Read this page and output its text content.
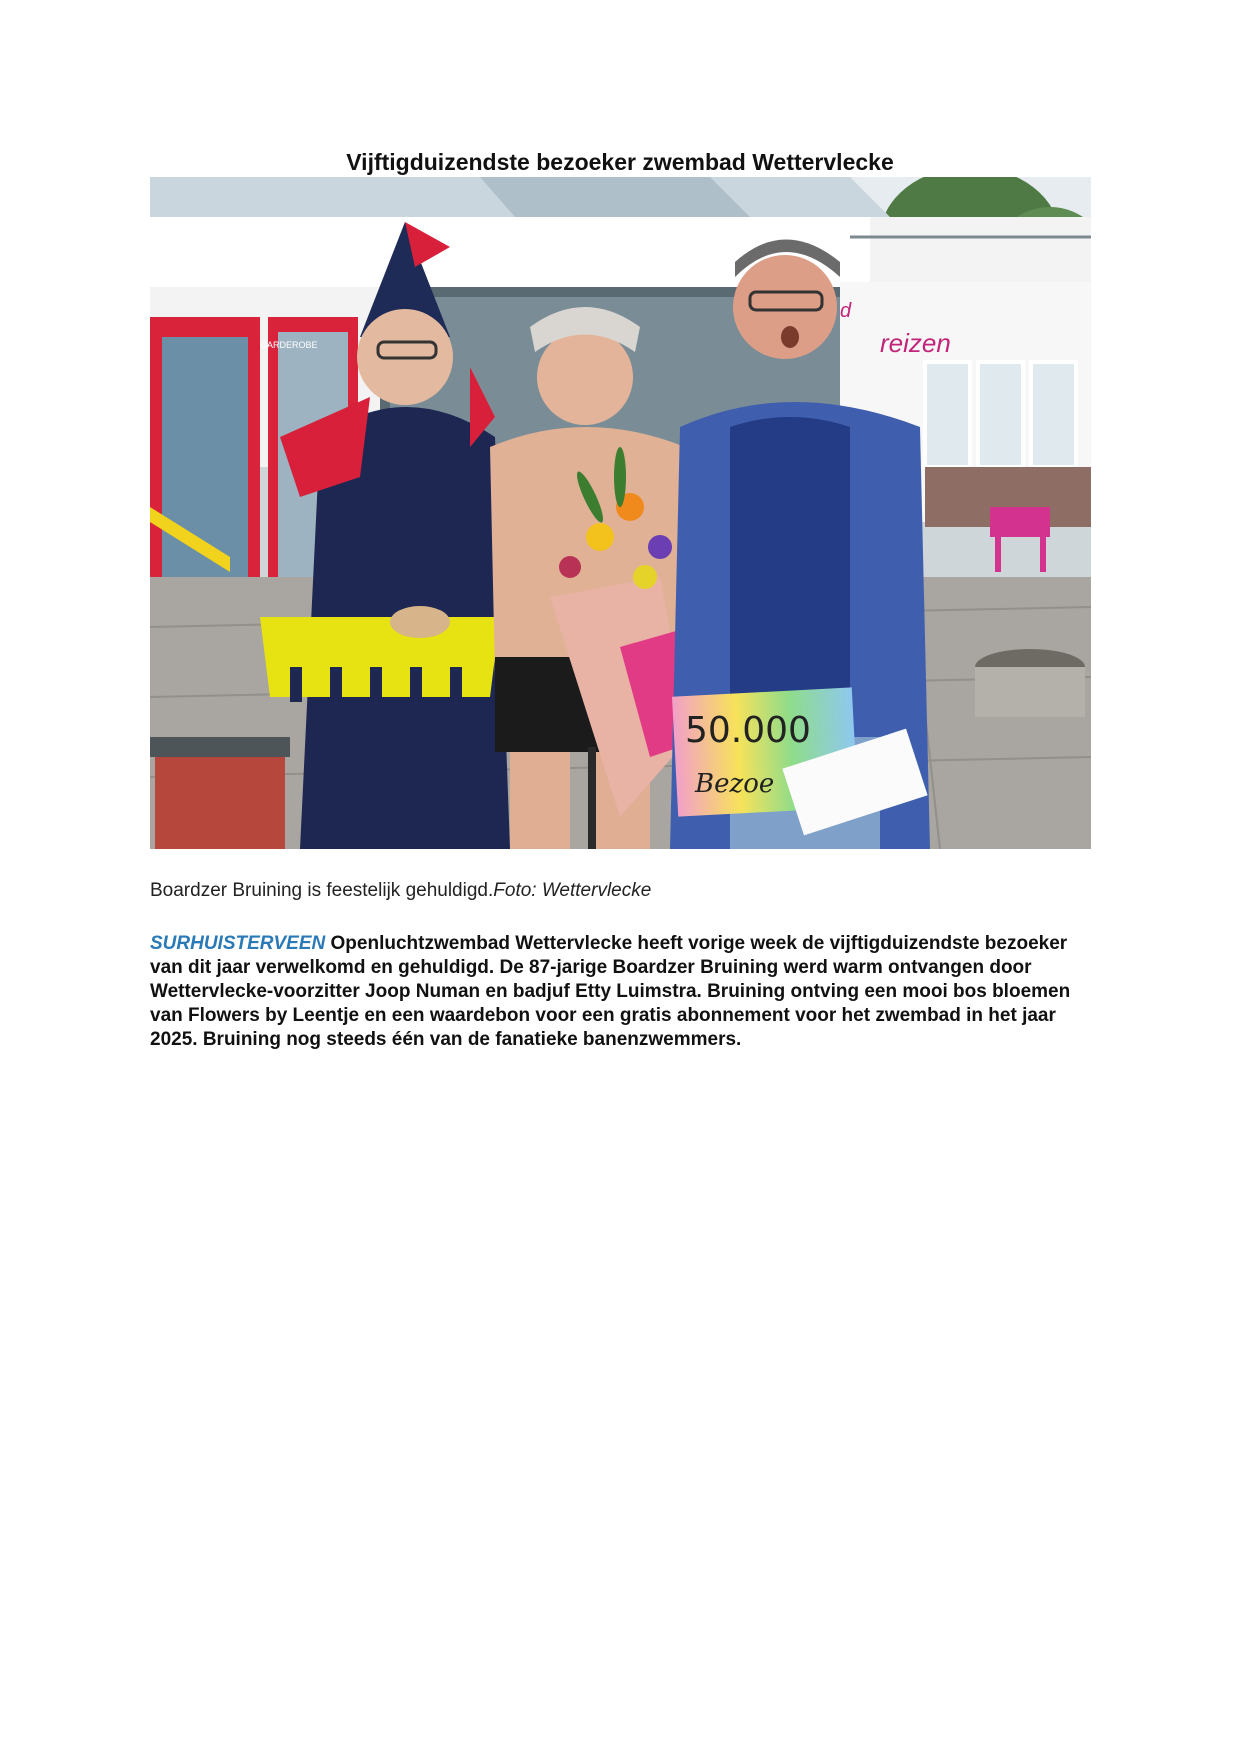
Vijftigduizendste bezoeker zwembad Wettervlecke
GARDEROBE
d
reizen
50.000
Bezoe

Boardzer Bruining is feestelijk gehuldigd.Foto: Wettervlecke

SURHUISTERVEEN Openluchtzwembad Wettervlecke heeft vorige week de vijftigduizendste bezoeker van dit jaar verwelkomd en gehuldigd. De 87-jarige Boardzer Bruining werd warm ontvangen door Wettervlecke-voorzitter Joop Numan en badjuf Etty Luimstra. Bruining ontving een mooi bos bloemen van Flowers by Leentje en een waardebon voor een gratis abonnement voor het zwembad in het jaar 2025. Bruining nog steeds één van de fanatieke banenzwemmers.
